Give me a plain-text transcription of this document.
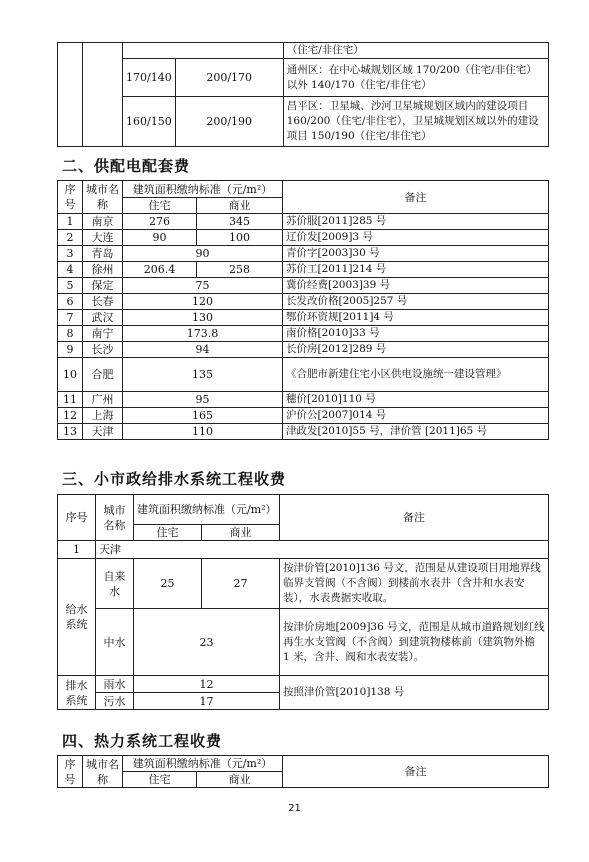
				（住宅/非住宅）
		170/140	200/170	通州区：在中心城规划区域 170/200（住宅/非住宅）以外 140/170（住宅/非住宅）
		160/150	200/190	昌平区：卫星城、沙河卫星城规划区域内的建设项目 160/200（住宅/非住宅），卫星城规划区域以外的建设项目 150/190（住宅/非住宅）
二、供配电配套费
序号	城市名称	建筑面积缴纳标准（元/m²）		备注
		住宅	商业	
1	南京	276	345	苏价服[2011]285 号
2	大连	90	100	辽价发[2009]3 号
3	青岛	90		青价字[2003]30 号
4	徐州	206.4	258	苏价工[2011]214 号
5	保定	75		冀价经费[2003]39 号
6	长春	120		长发改价格[2005]257 号
7	武汉	130		鄂价环资规[2011]4 号
8	南宁	173.8		南价格[2010]33 号
9	长沙	94		长价房[2012]289 号
10	合肥	135		《合肥市新建住宅小区供电设施统一建设管理》
11	广州	95		穗价[2010]110 号
12	上海	165		沪价公[2007]014 号
13	天津	110		津政发[2010]55 号，津价管 [2011]65 号
三、小市政给排水系统工程收费
序号	城市名称	建筑面积缴纳标准（元/m²）		备注
		住宅	商业	
1	天津			
给水系统	自来水	25	27	按津价管[2010]136 号文，范围是从建设项目用地界线临界支管阀（不含阀）到楼前水表井（含井和水表安装），水表费据实收取。
	中水	23		按津价房地[2009]36 号文，范围是从城市道路规划红线再生水支管阀（不含阀）到建筑物楼栋前（建筑物外檐 1 米，含井、阀和水表安装）。
排水系统	雨水	12		按照津价管[2010]138 号
	污水	17		
四、热力系统工程收费
序号	城市名称	建筑面积缴纳标准（元/m²）		备注
		住宅	商业	
21
